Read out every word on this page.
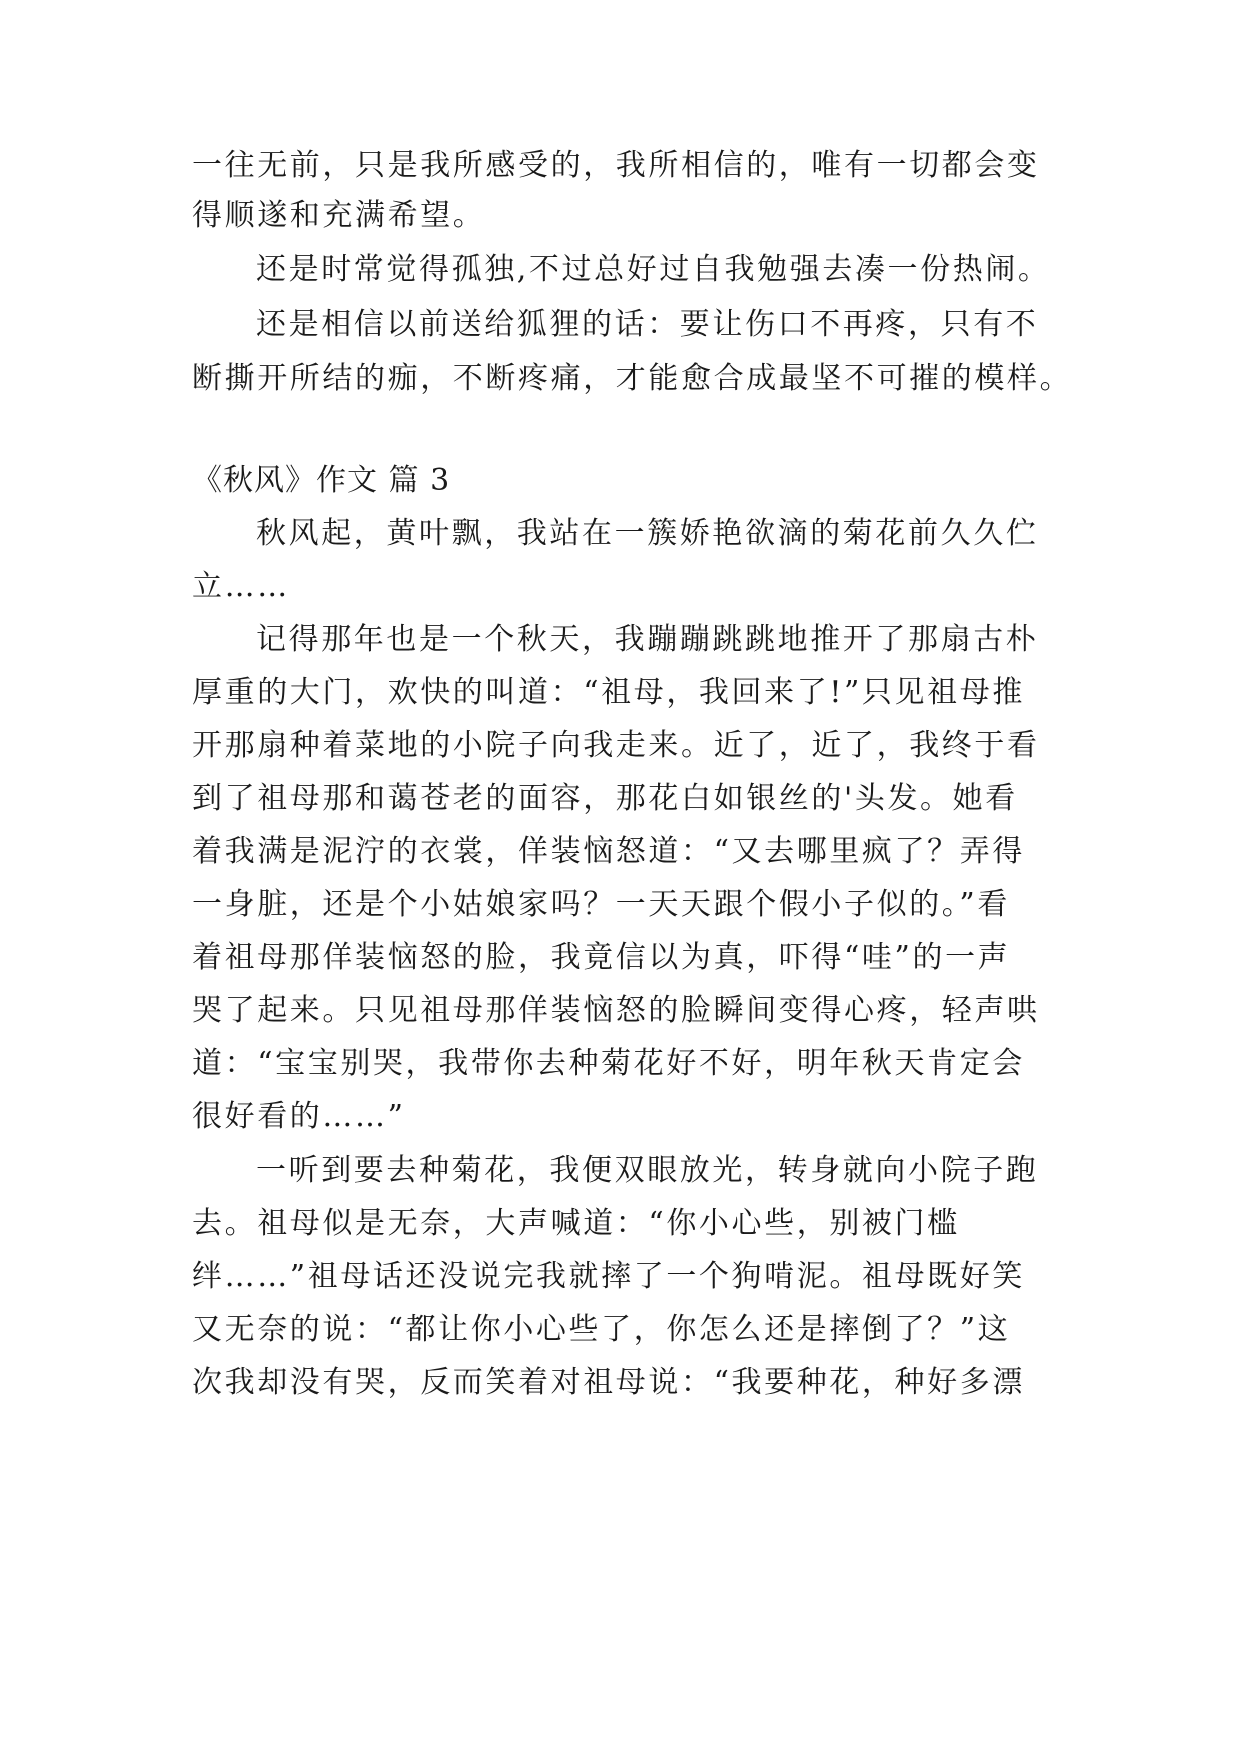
一往无前，只是我所感受的，我所相信的，唯有一切都会变
得顺遂和充满希望。
还是时常觉得孤独,不过总好过自我勉强去凑一份热闹。
还是相信以前送给狐狸的话：要让伤口不再疼，只有不
断撕开所结的痂，不断疼痛，才能愈合成最坚不可摧的模样。
《秋风》作文 篇 3
秋风起，黄叶飘，我站在一簇娇艳欲滴的菊花前久久伫
立……
记得那年也是一个秋天，我蹦蹦跳跳地推开了那扇古朴
厚重的大门，欢快的叫道：“祖母，我回来了!”只见祖母推
开那扇种着菜地的小院子向我走来。近了，近了，我终于看
到了祖母那和蔼苍老的面容，那花白如银丝的'头发。她看
着我满是泥泞的衣裳，佯装恼怒道：“又去哪里疯了？弄得
一身脏，还是个小姑娘家吗？一天天跟个假小子似的。”看
着祖母那佯装恼怒的脸，我竟信以为真，吓得“哇”的一声
哭了起来。只见祖母那佯装恼怒的脸瞬间变得心疼，轻声哄
道：“宝宝别哭，我带你去种菊花好不好，明年秋天肯定会
很好看的……”
一听到要去种菊花，我便双眼放光，转身就向小院子跑
去。祖母似是无奈，大声喊道：“你小心些，别被门槛
绊……”祖母话还没说完我就摔了一个狗啃泥。祖母既好笑
又无奈的说：“都让你小心些了，你怎么还是摔倒了？”这
次我却没有哭，反而笑着对祖母说：“我要种花，种好多漂
